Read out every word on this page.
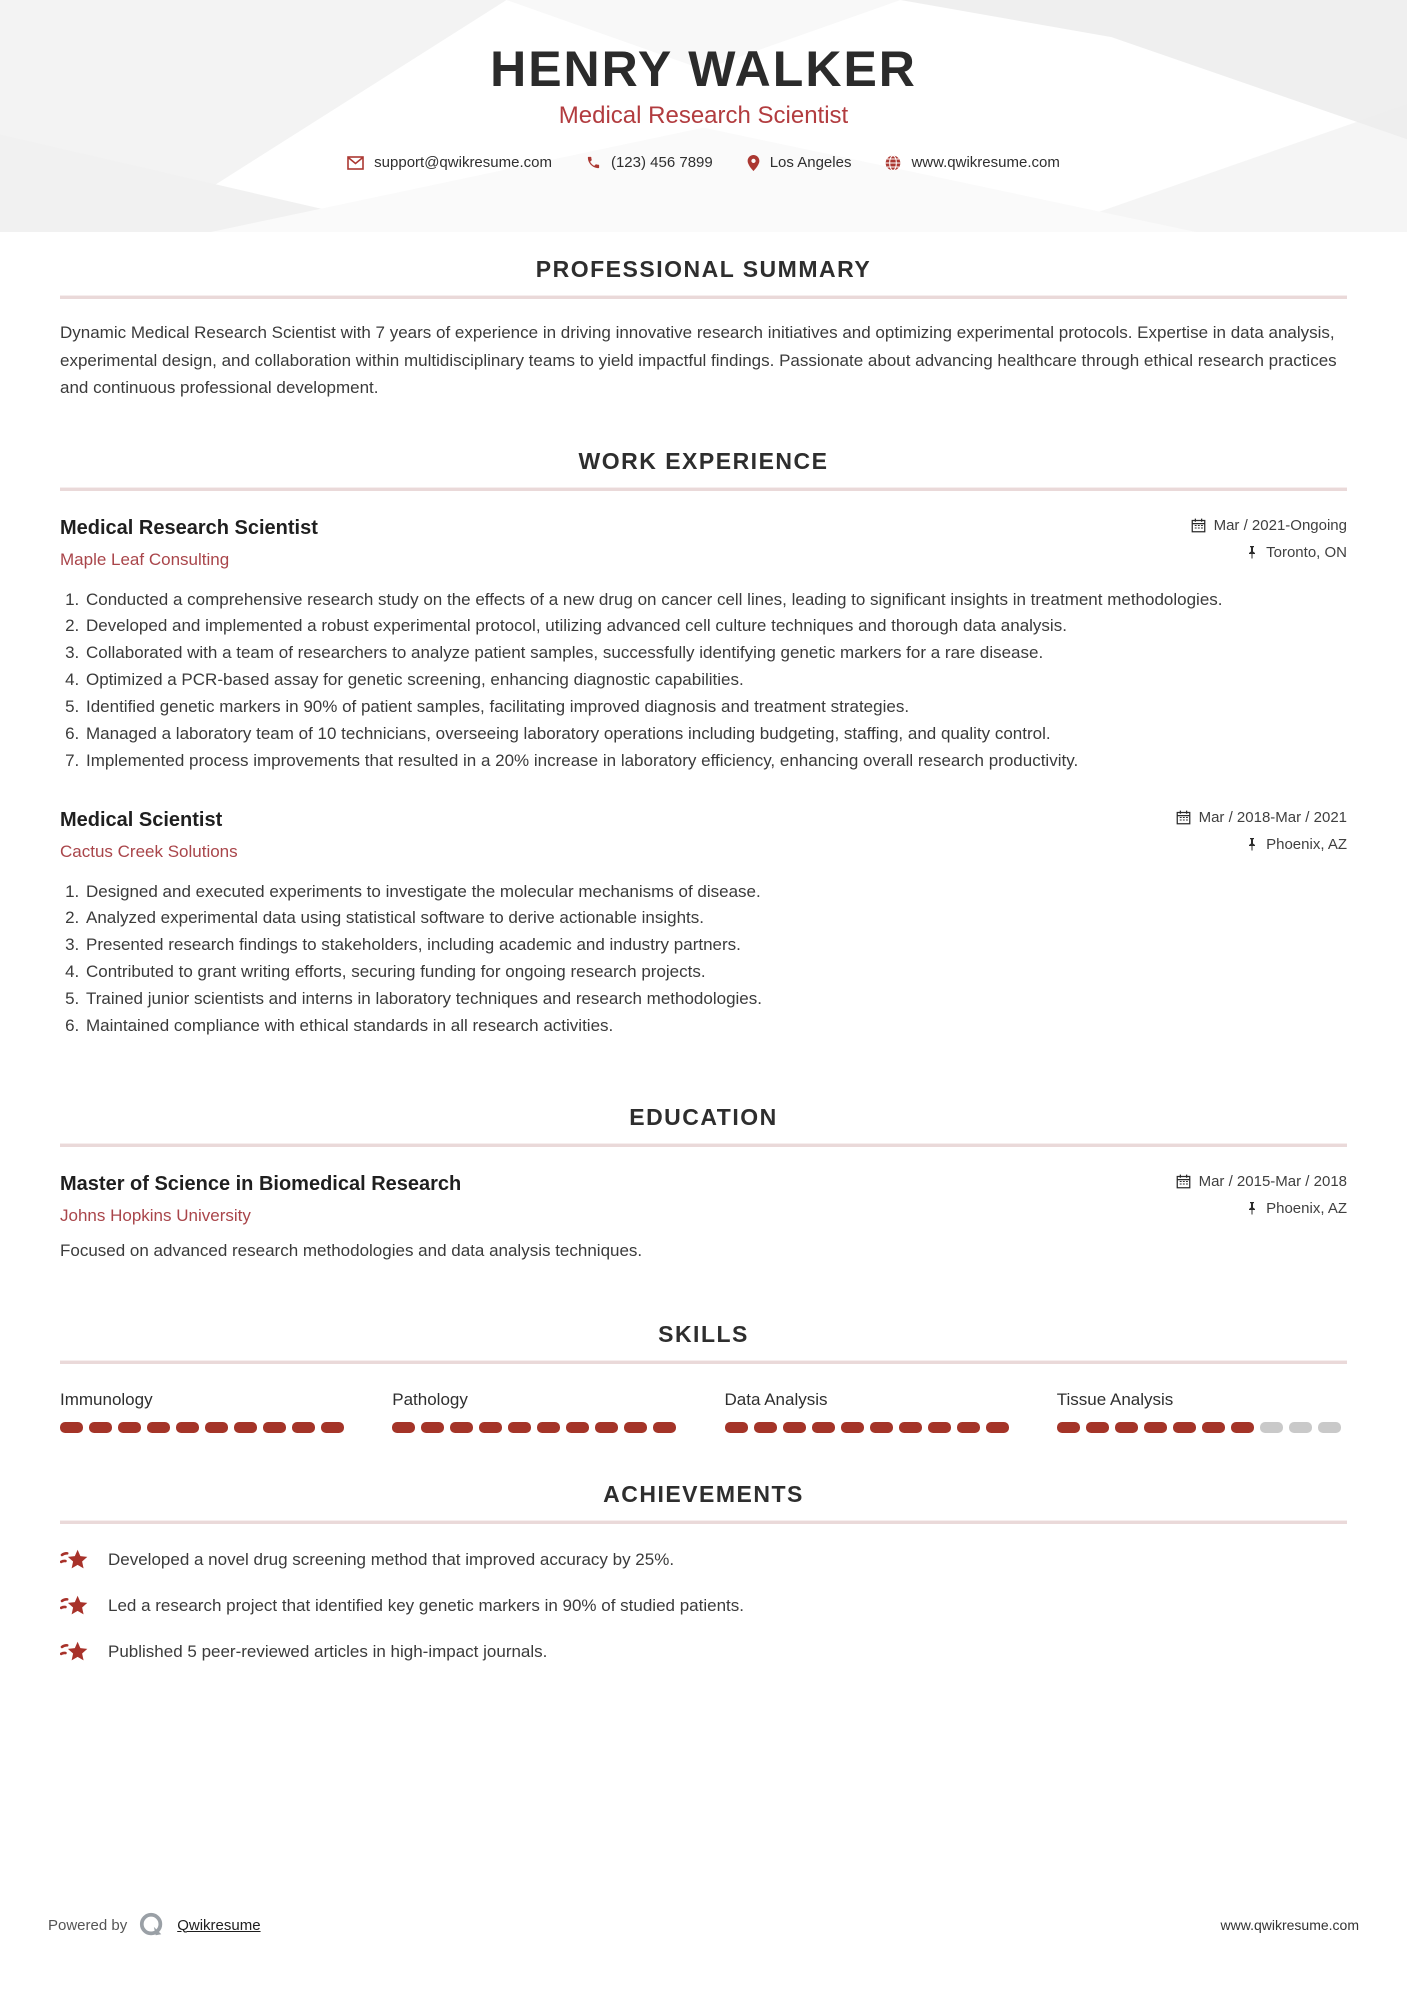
HENRY WALKER
Medical Research Scientist
support@qwikresume.com	(123) 456 7899	Los Angeles	www.qwikresume.com
PROFESSIONAL SUMMARY

Dynamic Medical Research Scientist with 7 years of experience in driving innovative research initiatives and optimizing experimental protocols. Expertise in data analysis, experimental design, and collaboration within multidisciplinary teams to yield impactful findings. Passionate about advancing healthcare through ethical research practices and continuous professional development.

WORK EXPERIENCE
Medical Research Scientist
Maple Leaf Consulting
Mar / 2021-Ongoing
Toronto, ON
1. Conducted a comprehensive research study on the effects of a new drug on cancer cell lines, leading to significant insights in treatment methodologies.
2. Developed and implemented a robust experimental protocol, utilizing advanced cell culture techniques and thorough data analysis.
3. Collaborated with a team of researchers to analyze patient samples, successfully identifying genetic markers for a rare disease.
4. Optimized a PCR-based assay for genetic screening, enhancing diagnostic capabilities.
5. Identified genetic markers in 90% of patient samples, facilitating improved diagnosis and treatment strategies.
6. Managed a laboratory team of 10 technicians, overseeing laboratory operations including budgeting, staffing, and quality control.
7. Implemented process improvements that resulted in a 20% increase in laboratory efficiency, enhancing overall research productivity.
Medical Scientist
Cactus Creek Solutions
Mar / 2018-Mar / 2021
Phoenix, AZ
1. Designed and executed experiments to investigate the molecular mechanisms of disease.
2. Analyzed experimental data using statistical software to derive actionable insights.
3. Presented research findings to stakeholders, including academic and industry partners.
4. Contributed to grant writing efforts, securing funding for ongoing research projects.
5. Trained junior scientists and interns in laboratory techniques and research methodologies.
6. Maintained compliance with ethical standards in all research activities.
EDUCATION
Master of Science in Biomedical Research
Johns Hopkins University
Mar / 2015-Mar / 2018
Phoenix, AZ

Focused on advanced research methodologies and data analysis techniques.

SKILLS
Immunology	Pathology	Data Analysis	Tissue Analysis
ACHIEVEMENTS
Developed a novel drug screening method that improved accuracy by 25%.
Led a research project that identified key genetic markers in 90% of studied patients.
Published 5 peer-reviewed articles in high-impact journals.
Powered by	Qwikresume	www.qwikresume.com
